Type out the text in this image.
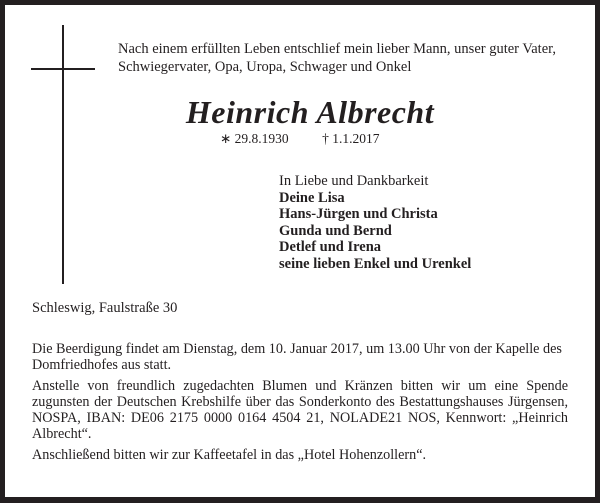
Nach einem erfüllten Leben entschlief mein lieber Mann, unser guter Vater, Schwiegervater, Opa, Uropa, Schwager und Onkel
Heinrich Albrecht
∗ 29.8.1930 † 1.1.2017
In Liebe und Dankbarkeit
Deine Lisa
Hans-Jürgen und Christa
Gunda und Bernd
Detlef und Irena
seine lieben Enkel und Urenkel
Schleswig, Faulstraße 30

Die Beerdigung findet am Dienstag, dem 10. Januar 2017, um 13.00 Uhr von der Kapelle des Domfriedhofes aus statt.

Anstelle von freundlich zugedachten Blumen und Kränzen bitten wir um eine Spende zugunsten der Deutschen Krebshilfe über das Sonderkonto des Bestattungshauses Jürgensen, NOSPA, IBAN: DE06 2175 0000 0164 4504 21, NOLADE21 NOS, Kennwort: „Heinrich Albrecht“.

Anschließend bitten wir zur Kaffeetafel in das „Hotel Hohenzollern“.
